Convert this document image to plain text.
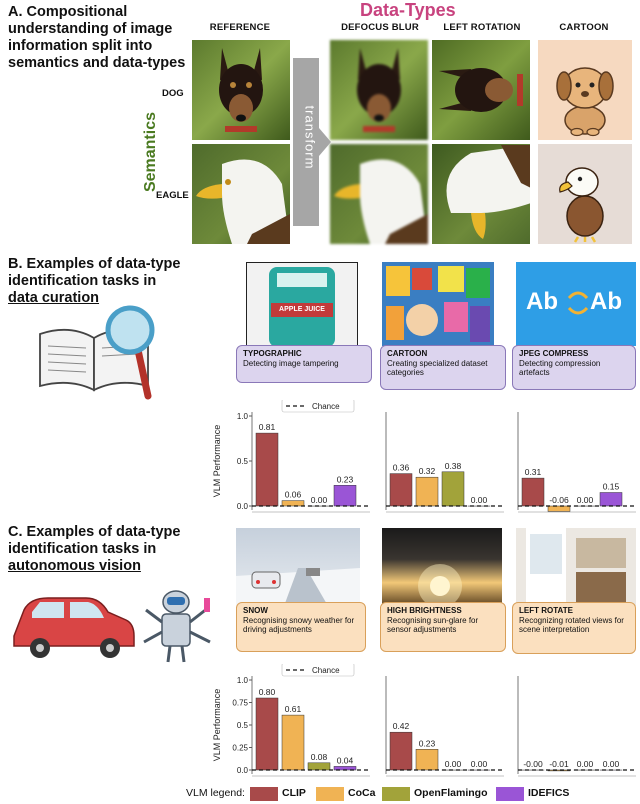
A. Compositional
understanding of image
information split into
semantics and data-types
Data-Types
REFERENCE	DEFOCUS BLUR	LEFT ROTATION	CARTOON
Semantics
DOG
EAGLE
transform
B. Examples of data-type
identification tasks in
data curation
APPLE JUICE	Ab Ab
TYPOGRAPHIC
Detecting image tampering
CARTOON
Creating specialized dataset categories
JPEG COMPRESS
Detecting compression artefacts
VLM Performance
0.0
0.5
1.0
0.81
0.06
0.00
0.23
0.36 0.32
0.38
0.00
0.31
-0.06 0.00
0.15
Chance
C. Examples of data-type
identification tasks in
autonomous vision
SNOW
Recognising snowy weather for driving adjustments
HIGH BRIGHTNESS
Recognising sun-glare for sensor adjustments
LEFT ROTATE
Recognizing rotated views for scene interpretation
VLM Performance
0.0
0.25
0.5
0.75
1.0
0.80
0.61
0.08 0.04
0.42
0.23
0.00 0.00	-0.00 -0.01 0.00 0.00
Chance
VLM legend:	CLIP	CoCa	OpenFlamingo	IDEFICS
